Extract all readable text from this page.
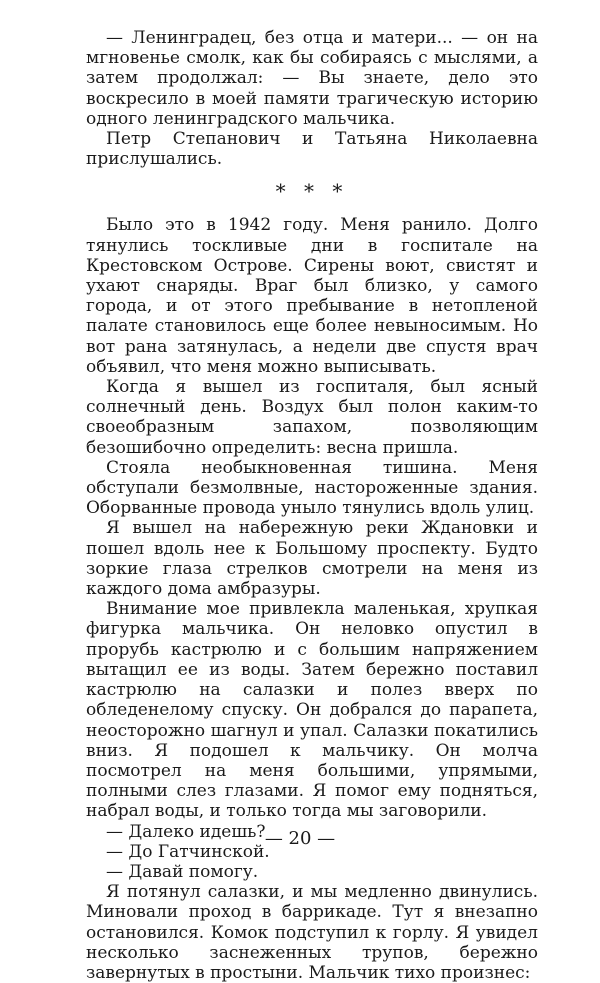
— Ленинградец, без отца и матери... — он на мгновенье смолк, как бы собираясь с мыслями, а затем продолжал: — Вы знаете, дело это воскресило в моей памяти трагическую историю одного ленинградского мальчика.

Петр Степанович и Татьяна Николаевна прислушались.

* * *

Было это в 1942 году. Меня ранило. Долго тянулись тоскливые дни в госпитале на Крестовском Острове. Сирены воют, свистят и ухают снаряды. Враг был близко, у самого города, и от этого пребывание в нетопленой палате становилось еще более невыносимым. Но вот рана затянулась, а недели две спустя врач объявил, что меня можно выписывать.

Когда я вышел из госпиталя, был ясный солнечный день. Воздух был полон каким-то своеобразным запахом, позволяющим безошибочно определить: весна пришла.

Стояла необыкновенная тишина. Меня обступали безмолвные, настороженные здания. Оборванные провода уныло тянулись вдоль улиц.

Я вышел на набережную реки Ждановки и пошел вдоль нее к Большому проспекту. Будто зоркие глаза стрелков смотрели на меня из каждого дома амбразуры.

Внимание мое привлекла маленькая, хрупкая фигурка мальчика. Он неловко опустил в прорубь кастрюлю и с большим напряжением вытащил ее из воды. Затем бережно поставил кастрюлю на салазки и полез вверх по обледенелому спуску. Он добрался до парапета, неосторожно шагнул и упал. Салазки покатились вниз. Я подошел к мальчику. Он молча посмотрел на меня большими, упрямыми, полными слез глазами. Я помог ему подняться, набрал воды, и только тогда мы заговорили.

— Далеко идешь?

— До Гатчинской.

— Давай помогу.

Я потянул салазки, и мы медленно двинулись. Миновали проход в баррикаде. Тут я внезапно остановился. Комок подступил к горлу. Я увидел несколько заснеженных трупов, бережно завернутых в простыни. Мальчик тихо произнес:

— 20 —
